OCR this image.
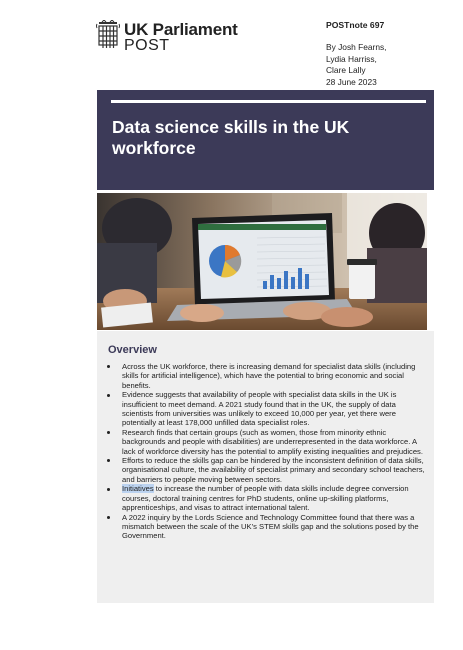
UK Parliament
POST
POSTnote 697
By Josh Fearns,
Lydia Harriss,
Clare Lally
28 June 2023
Data science skills in the UK workforce
Overview
Across the UK workforce, there is increasing demand for specialist data skills (including skills for artificial intelligence), which have the potential to bring economic and social benefits.
Evidence suggests that availability of people with specialist data skills in the UK is insufficient to meet demand. A 2021 study found that in the UK, the supply of data scientists from universities was unlikely to exceed 10,000 per year, yet there were potentially at least 178,000 unfilled data specialist roles.
Research finds that certain groups (such as women, those from minority ethnic backgrounds and people with disabilities) are underrepresented in the data workforce. A lack of workforce diversity has the potential to amplify existing inequalities and prejudices.
Efforts to reduce the skills gap can be hindered by the inconsistent definition of data skills, organisational culture, the availability of specialist primary and secondary school teachers, and barriers to people moving between sectors.
Initiatives to increase the number of people with data skills include degree conversion courses, doctoral training centres for PhD students, online up-skilling platforms, apprenticeships, and visas to attract international talent.
A 2022 inquiry by the Lords Science and Technology Committee found that there was a mismatch between the scale of the UK’s STEM skills gap and the solutions posed by the Government.
